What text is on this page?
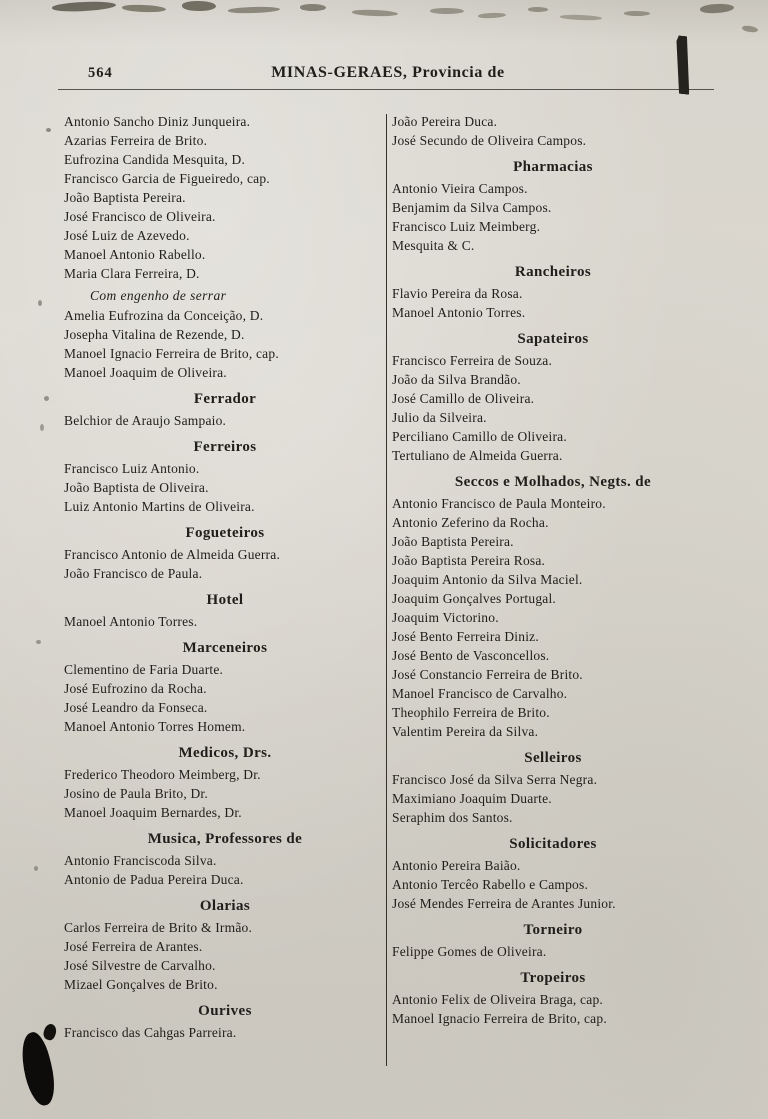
564	MINAS-GERAES, Provincia de
Antonio Sancho Diniz Junqueira.
Azarias Ferreira de Brito.
Eufrozina Candida Mesquita, D.
Francisco Garcia de Figueiredo, cap.
João Baptista Pereira.
José Francisco de Oliveira.
José Luiz de Azevedo.
Manoel Antonio Rabello.
Maria Clara Ferreira, D.
Com engenho de serrar
Amelia Eufrozina da Conceição, D.
Josepha Vitalina de Rezende, D.
Manoel Ignacio Ferreira de Brito, cap.
Manoel Joaquim de Oliveira.
Ferrador
Belchior de Araujo Sampaio.
Ferreiros
Francisco Luiz Antonio.
João Baptista de Oliveira.
Luiz Antonio Martins de Oliveira.
Fogueteiros
Francisco Antonio de Almeida Guerra.
João Francisco de Paula.
Hotel
Manoel Antonio Torres.
Marceneiros
Clementino de Faria Duarte.
José Eufrozino da Rocha.
José Leandro da Fonseca.
Manoel Antonio Torres Homem.
Medicos, Drs.
Frederico Theodoro Meimberg, Dr.
Josino de Paula Brito, Dr.
Manoel Joaquim Bernardes, Dr.
Musica, Professores de
Antonio Franciscoda Silva.
Antonio de Padua Pereira Duca.
Olarias
Carlos Ferreira de Brito & Irmão.
José Ferreira de Arantes.
José Silvestre de Carvalho.
Mizael Gonçalves de Brito.
Ourives
Francisco das Cahgas Parreira.
João Pereira Duca.
José Secundo de Oliveira Campos.
Pharmacias
Antonio Vieira Campos.
Benjamim da Silva Campos.
Francisco Luiz Meimberg.
Mesquita & C.
Rancheiros
Flavio Pereira da Rosa.
Manoel Antonio Torres.
Sapateiros
Francisco Ferreira de Souza.
João da Silva Brandão.
José Camillo de Oliveira.
Julio da Silveira.
Perciliano Camillo de Oliveira.
Tertuliano de Almeida Guerra.
Seccos e Molhados, Negts. de
Antonio Francisco de Paula Monteiro.
Antonio Zeferino da Rocha.
João Baptista Pereira.
João Baptista Pereira Rosa.
Joaquim Antonio da Silva Maciel.
Joaquim Gonçalves Portugal.
Joaquim Victorino.
José Bento Ferreira Diniz.
José Bento de Vasconcellos.
José Constancio Ferreira de Brito.
Manoel Francisco de Carvalho.
Theophilo Ferreira de Brito.
Valentim Pereira da Silva.
Selleiros
Francisco José da Silva Serra Negra.
Maximiano Joaquim Duarte.
Seraphim dos Santos.
Solicitadores
Antonio Pereira Baião.
Antonio Tercêo Rabello e Campos.
José Mendes Ferreira de Arantes Junior.
Torneiro
Felippe Gomes de Oliveira.
Tropeiros
Antonio Felix de Oliveira Braga, cap.
Manoel Ignacio Ferreira de Brito, cap.
